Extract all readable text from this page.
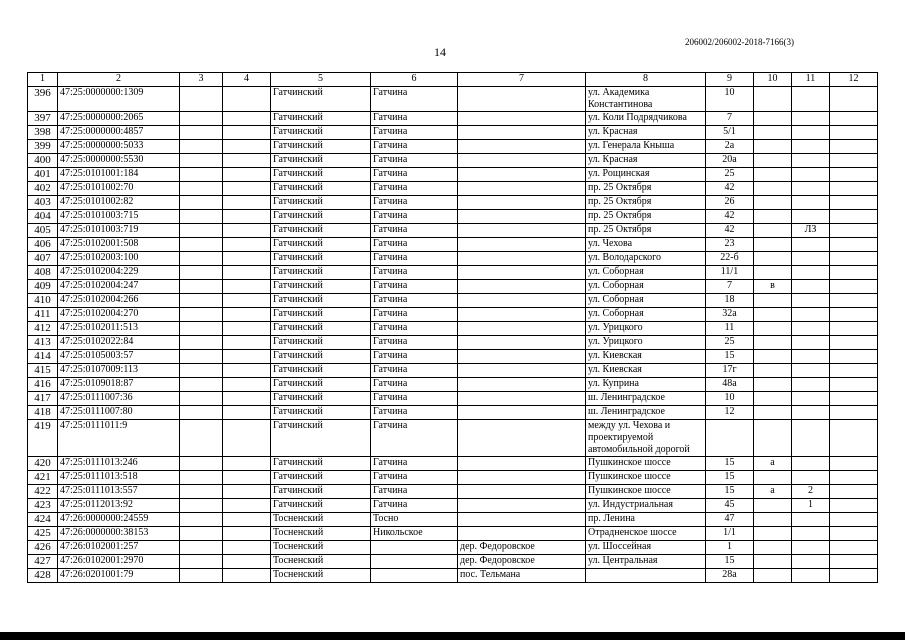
206002/206002-2018-7166(3)
14
1	2	3	4	5	6	7	8	9	10	11	12
396	47:25:0000000:1309			Гатчинский	Гатчина		ул. Академика Константинова	10			
397	47:25:0000000:2065			Гатчинский	Гатчина		ул. Коли Подрядчикова	7			
398	47:25:0000000:4857			Гатчинский	Гатчина		ул. Красная	5/1			
399	47:25:0000000:5033			Гатчинский	Гатчина		ул. Генерала Кныша	2а			
400	47:25:0000000:5530			Гатчинский	Гатчина		ул. Красная	20а			
401	47:25:0101001:184			Гатчинский	Гатчина		ул. Рощинская	25			
402	47:25:0101002:70			Гатчинский	Гатчина		пр. 25 Октября	42			
403	47:25:0101002:82			Гатчинский	Гатчина		пр. 25 Октября	26			
404	47:25:0101003:715			Гатчинский	Гатчина		пр. 25 Октября	42			
405	47:25:0101003:719			Гатчинский	Гатчина		пр. 25 Октября	42		ЛЗ	
406	47:25:0102001:508			Гатчинский	Гатчина		ул. Чехова	23			
407	47:25:0102003:100			Гатчинский	Гатчина		ул. Володарского	22-б			
408	47:25:0102004:229			Гатчинский	Гатчина		ул. Соборная	11/1			
409	47:25:0102004:247			Гатчинский	Гатчина		ул. Соборная	7	в		
410	47:25:0102004:266			Гатчинский	Гатчина		ул. Соборная	18			
411	47:25:0102004:270			Гатчинский	Гатчина		ул. Соборная	32а			
412	47:25:0102011:513			Гатчинский	Гатчина		ул. Урицкого	11			
413	47:25:0102022:84			Гатчинский	Гатчина		ул. Урицкого	25			
414	47:25:0105003:57			Гатчинский	Гатчина		ул. Киевская	15			
415	47:25:0107009:113			Гатчинский	Гатчина		ул. Киевская	17г			
416	47:25:0109018:87			Гатчинский	Гатчина		ул. Куприна	48а			
417	47:25:0111007:36			Гатчинский	Гатчина		ш. Ленинградское	10			
418	47:25:0111007:80			Гатчинский	Гатчина		ш. Ленинградское	12			
419	47:25:0111011:9			Гатчинский	Гатчина		между ул. Чехова и проектируемой автомобильной дорогой				
420	47:25:0111013:246			Гатчинский	Гатчина		Пушкинское шоссе	15	а		
421	47:25:0111013:518			Гатчинский	Гатчина		Пушкинское шоссе	15			
422	47:25:0111013:557			Гатчинский	Гатчина		Пушкинское шоссе	15	а	2	
423	47:25:0112013:92			Гатчинский	Гатчина		ул. Индустриальная	45		1	
424	47:26:0000000:24559			Тосненский	Тосно		пр. Ленина	47			
425	47:26:0000000:38153			Тосненский	Никольское		Отрадненское шоссе	1/1			
426	47:26:0102001:257			Тосненский		дер. Федоровское	ул. Шоссейная	1			
427	47:26:0102001:2970			Тосненский		дер. Федоровское	ул. Центральная	15			
428	47:26:0201001:79			Тосненский		пос. Тельмана		28а			
